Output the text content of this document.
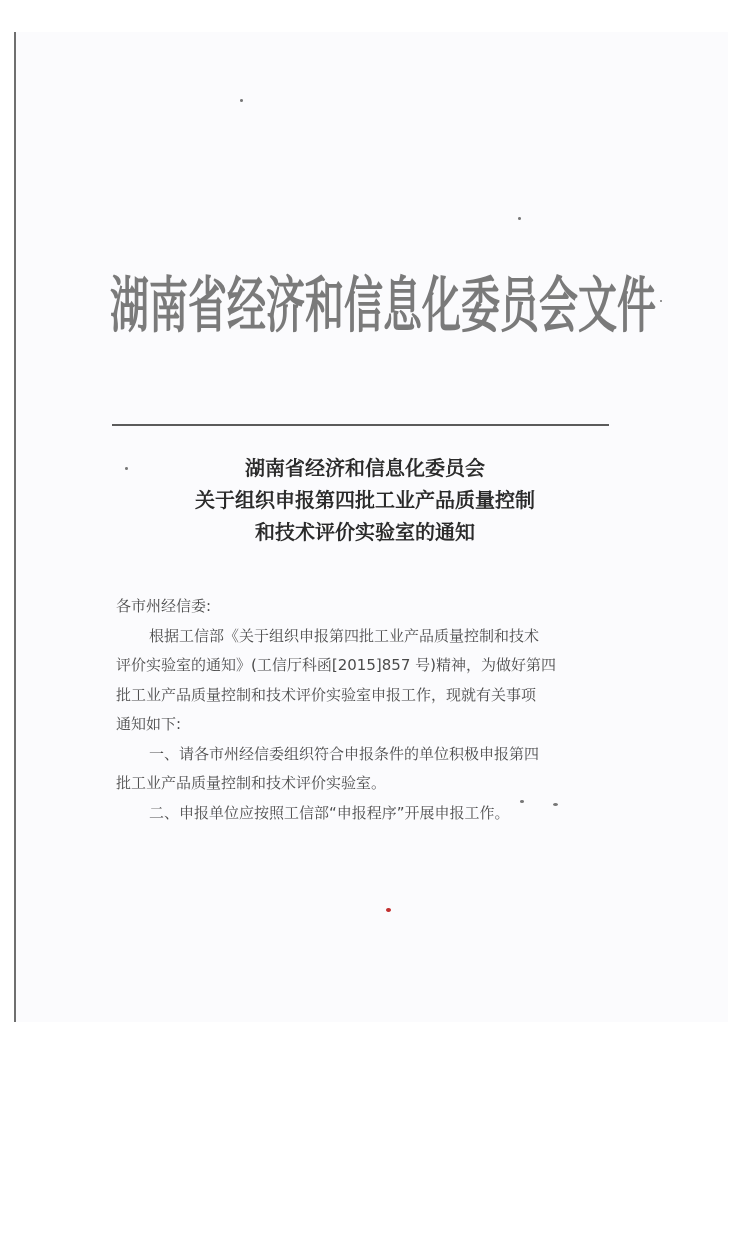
湖南省经济和信息化委员会文件
湖南省经济和信息化委员会
关于组织申报第四批工业产品质量控制
和技术评价实验室的通知
各市州经信委:
根据工信部《关于组织申报第四批工业产品质量控制和技术
评价实验室的通知》(工信厅科函[2015]857 号)精神，为做好第四
批工业产品质量控制和技术评价实验室申报工作，现就有关事项
通知如下:
一、请各市州经信委组织符合申报条件的单位积极申报第四
批工业产品质量控制和技术评价实验室。
二、申报单位应按照工信部“申报程序”开展申报工作。
